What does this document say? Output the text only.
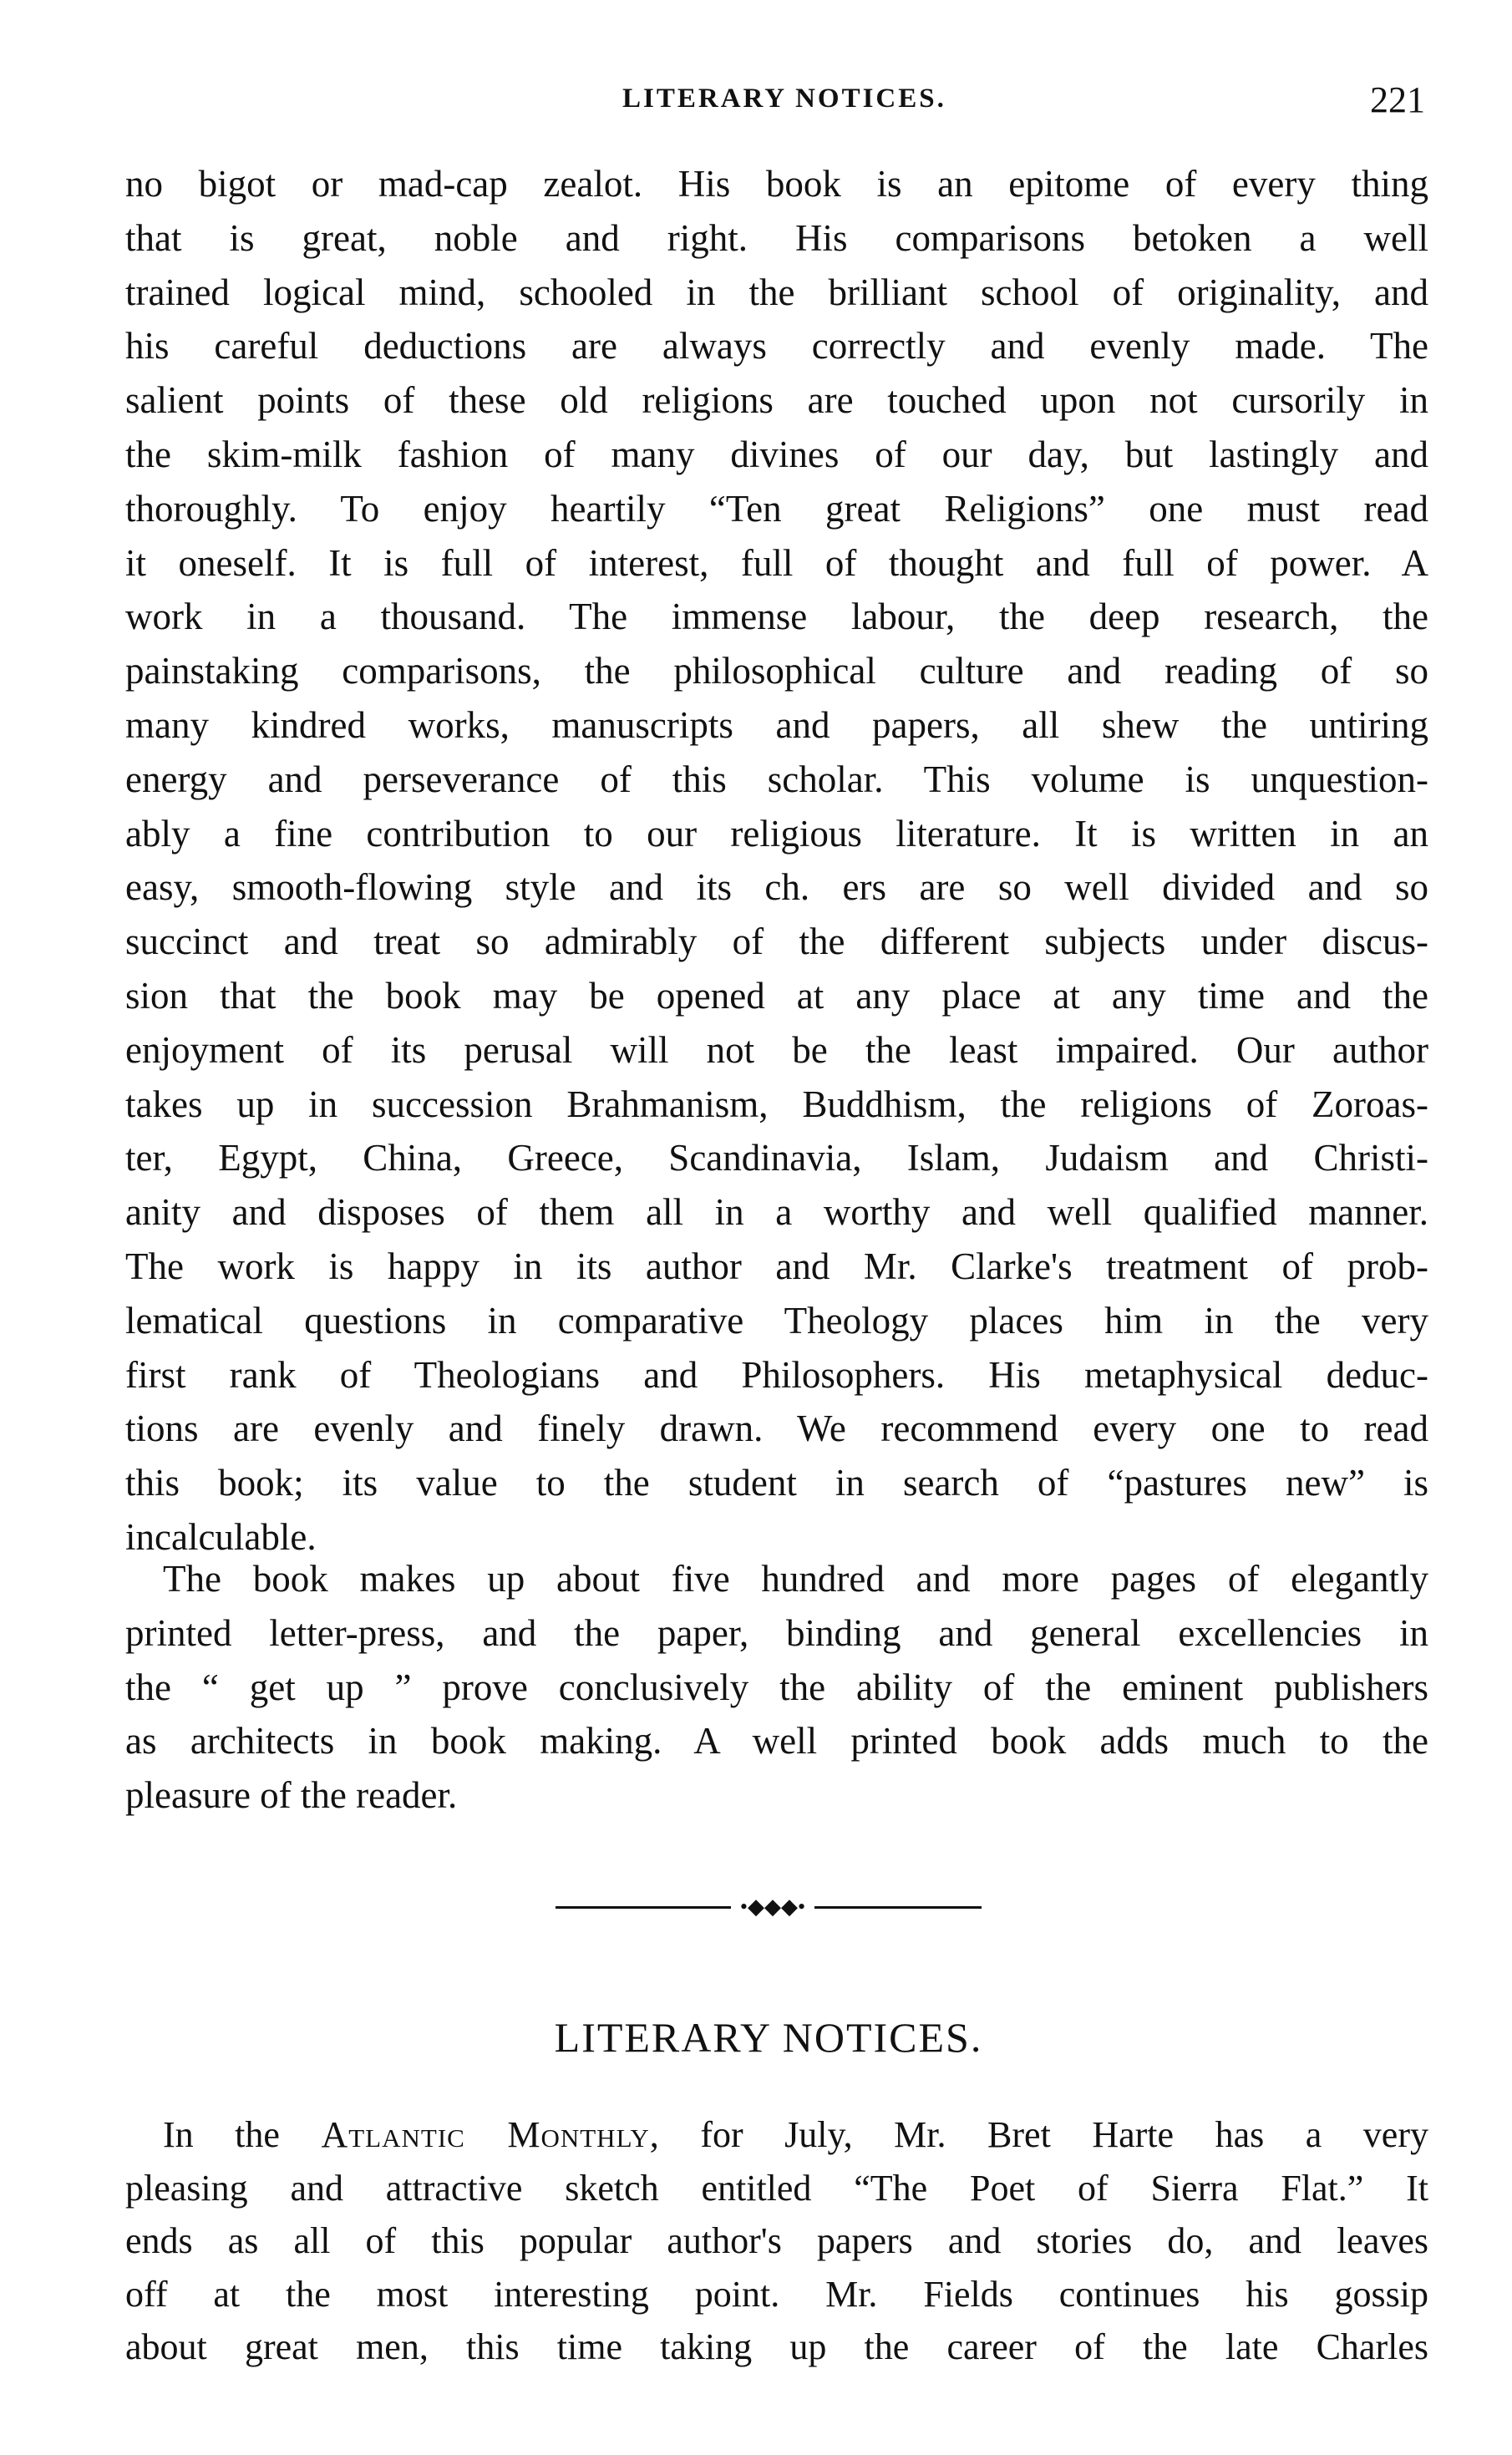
LITERARY NOTICES.	221
no bigot or mad-cap zealot. His book is an epitome of every thing
that is great, noble and right. His comparisons betoken a well
trained logical mind, schooled in the brilliant school of originality, and
his careful deductions are always correctly and evenly made. The
salient points of these old religions are touched upon not cursorily in
the skim-milk fashion of many divines of our day, but lastingly and
thoroughly. To enjoy heartily “Ten great Religions” one must read
it oneself. It is full of interest, full of thought and full of power. A
work in a thousand. The immense labour, the deep research, the
painstaking comparisons, the philosophical culture and reading of so
many kindred works, manuscripts and papers, all shew the untiring
energy and perseverance of this scholar. This volume is unquestion-
ably a fine contribution to our religious literature. It is written in an
easy, smooth-flowing style and its ch. ers are so well divided and so
succinct and treat so admirably of the different subjects under discus-
sion that the book may be opened at any place at any time and the
enjoyment of its perusal will not be the least impaired. Our author
takes up in succession Brahmanism, Buddhism, the religions of Zoroas-
ter, Egypt, China, Greece, Scandinavia, Islam, Judaism and Christi-
anity and disposes of them all in a worthy and well qualified manner.
The work is happy in its author and Mr. Clarke's treatment of prob-
lematical questions in comparative Theology places him in the very
first rank of Theologians and Philosophers. His metaphysical deduc-
tions are evenly and finely drawn. We recommend every one to read
this book; its value to the student in search of “pastures new” is
incalculable.
The book makes up about five hundred and more pages of elegantly
printed letter-press, and the paper, binding and general excellencies in
the “ get up ” prove conclusively the ability of the eminent publishers
as architects in book making. A well printed book adds much to the
pleasure of the reader.
•◆◆◆•
LITERARY NOTICES.
In the Atlantic Monthly, for July, Mr. Bret Harte has a very
pleasing and attractive sketch entitled “The Poet of Sierra Flat.” It
ends as all of this popular author's papers and stories do, and leaves
off at the most interesting point. Mr. Fields continues his gossip
about great men, this time taking up the career of the late Charles
